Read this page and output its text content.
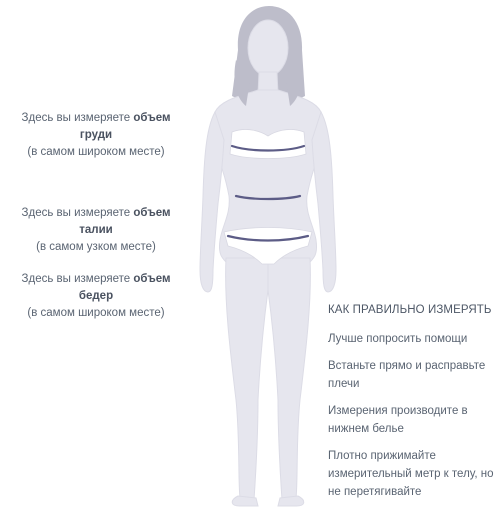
Здесь вы измеряете объем
груди
(в самом широком месте)
Здесь вы измеряете объем
талии
(в самом узком месте)
Здесь вы измеряете объем
бедер
(в самом широком месте)	КАК ПРАВИЛЬНО ИЗМЕРЯТЬ
Лучше попросить помощи
Встаньте прямо и расправьте плечи
Измерения производите в нижнем белье
Плотно прижимайте измерительный метр к телу, но не перетягивайте
